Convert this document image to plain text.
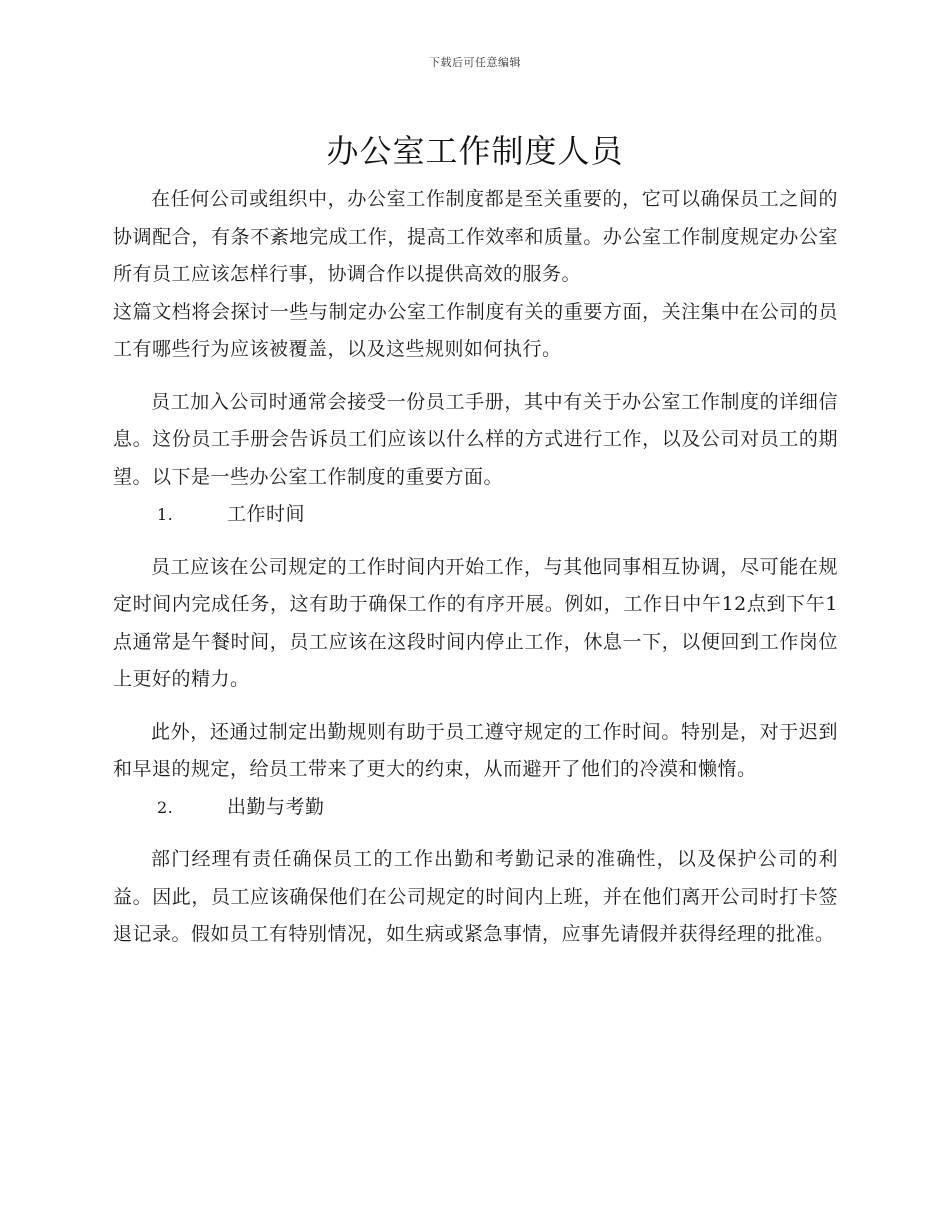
下载后可任意编辑
办公室工作制度人员

在任何公司或组织中，办公室工作制度都是至关重要的，它可以确保员工之间的协调配合，有条不紊地完成工作，提高工作效率和质量。办公室工作制度规定办公室所有员工应该怎样行事，协调合作以提供高效的服务。

这篇文档将会探讨一些与制定办公室工作制度有关的重要方面，关注集中在公司的员工有哪些行为应该被覆盖，以及这些规则如何执行。

员工加入公司时通常会接受一份员工手册，其中有关于办公室工作制度的详细信息。这份员工手册会告诉员工们应该以什么样的方式进行工作，以及公司对员工的期望。以下是一些办公室工作制度的重要方面。

1.	工作时间

员工应该在公司规定的工作时间内开始工作，与其他同事相互协调，尽可能在规定时间内完成任务，这有助于确保工作的有序开展。例如，工作日中午12点到下午1点通常是午餐时间，员工应该在这段时间内停止工作，休息一下，以便回到工作岗位上更好的精力。

此外，还通过制定出勤规则有助于员工遵守规定的工作时间。特别是，对于迟到和早退的规定，给员工带来了更大的约束，从而避开了他们的冷漠和懒惰。

2.	出勤与考勤

部门经理有责任确保员工的工作出勤和考勤记录的准确性，以及保护公司的利益。因此，员工应该确保他们在公司规定的时间内上班，并在他们离开公司时打卡签退记录。假如员工有特别情况，如生病或紧急事情，应事先请假并获得经理的批准。
